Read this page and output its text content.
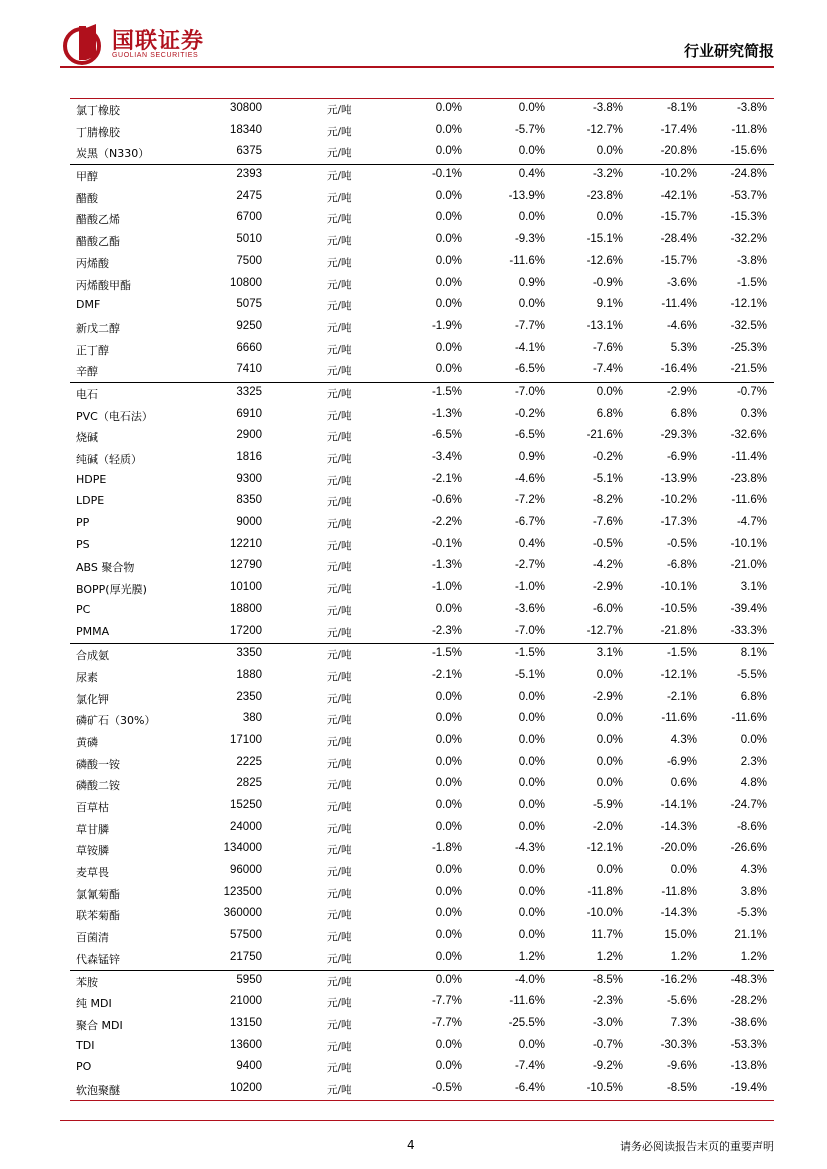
国联证券
GUOLIAN SECURITIES	行业研究简报
氯丁橡胶	30800	元/吨	0.0%	0.0%	-3.8%	-8.1%	-3.8%
丁腈橡胶	18340	元/吨	0.0%	-5.7%	-12.7%	-17.4%	-11.8%
炭黑（N330）	6375	元/吨	0.0%	0.0%	0.0%	-20.8%	-15.6%
甲醇	2393	元/吨	-0.1%	0.4%	-3.2%	-10.2%	-24.8%
醋酸	2475	元/吨	0.0%	-13.9%	-23.8%	-42.1%	-53.7%
醋酸乙烯	6700	元/吨	0.0%	0.0%	0.0%	-15.7%	-15.3%
醋酸乙酯	5010	元/吨	0.0%	-9.3%	-15.1%	-28.4%	-32.2%
丙烯酸	7500	元/吨	0.0%	-11.6%	-12.6%	-15.7%	-3.8%
丙烯酸甲酯	10800	元/吨	0.0%	0.9%	-0.9%	-3.6%	-1.5%
DMF	5075	元/吨	0.0%	0.0%	9.1%	-11.4%	-12.1%
新戊二醇	9250	元/吨	-1.9%	-7.7%	-13.1%	-4.6%	-32.5%
正丁醇	6660	元/吨	0.0%	-4.1%	-7.6%	5.3%	-25.3%
辛醇	7410	元/吨	0.0%	-6.5%	-7.4%	-16.4%	-21.5%
电石	3325	元/吨	-1.5%	-7.0%	0.0%	-2.9%	-0.7%
PVC（电石法）	6910	元/吨	-1.3%	-0.2%	6.8%	6.8%	0.3%
烧碱	2900	元/吨	-6.5%	-6.5%	-21.6%	-29.3%	-32.6%
纯碱（轻质）	1816	元/吨	-3.4%	0.9%	-0.2%	-6.9%	-11.4%
HDPE	9300	元/吨	-2.1%	-4.6%	-5.1%	-13.9%	-23.8%
LDPE	8350	元/吨	-0.6%	-7.2%	-8.2%	-10.2%	-11.6%
PP	9000	元/吨	-2.2%	-6.7%	-7.6%	-17.3%	-4.7%
PS	12210	元/吨	-0.1%	0.4%	-0.5%	-0.5%	-10.1%
ABS 聚合物	12790	元/吨	-1.3%	-2.7%	-4.2%	-6.8%	-21.0%
BOPP(厚光膜)	10100	元/吨	-1.0%	-1.0%	-2.9%	-10.1%	3.1%
PC	18800	元/吨	0.0%	-3.6%	-6.0%	-10.5%	-39.4%
PMMA	17200	元/吨	-2.3%	-7.0%	-12.7%	-21.8%	-33.3%
合成氨	3350	元/吨	-1.5%	-1.5%	3.1%	-1.5%	8.1%
尿素	1880	元/吨	-2.1%	-5.1%	0.0%	-12.1%	-5.5%
氯化钾	2350	元/吨	0.0%	0.0%	-2.9%	-2.1%	6.8%
磷矿石（30%）	380	元/吨	0.0%	0.0%	0.0%	-11.6%	-11.6%
黄磷	17100	元/吨	0.0%	0.0%	0.0%	4.3%	0.0%
磷酸一铵	2225	元/吨	0.0%	0.0%	0.0%	-6.9%	2.3%
磷酸二铵	2825	元/吨	0.0%	0.0%	0.0%	0.6%	4.8%
百草枯	15250	元/吨	0.0%	0.0%	-5.9%	-14.1%	-24.7%
草甘膦	24000	元/吨	0.0%	0.0%	-2.0%	-14.3%	-8.6%
草铵膦	134000	元/吨	-1.8%	-4.3%	-12.1%	-20.0%	-26.6%
麦草畏	96000	元/吨	0.0%	0.0%	0.0%	0.0%	4.3%
氯氰菊酯	123500	元/吨	0.0%	0.0%	-11.8%	-11.8%	3.8%
联苯菊酯	360000	元/吨	0.0%	0.0%	-10.0%	-14.3%	-5.3%
百菌清	57500	元/吨	0.0%	0.0%	11.7%	15.0%	21.1%
代森锰锌	21750	元/吨	0.0%	1.2%	1.2%	1.2%	1.2%
苯胺	5950	元/吨	0.0%	-4.0%	-8.5%	-16.2%	-48.3%
纯 MDI	21000	元/吨	-7.7%	-11.6%	-2.3%	-5.6%	-28.2%
聚合 MDI	13150	元/吨	-7.7%	-25.5%	-3.0%	7.3%	-38.6%
TDI	13600	元/吨	0.0%	0.0%	-0.7%	-30.3%	-53.3%
PO	9400	元/吨	0.0%	-7.4%	-9.2%	-9.6%	-13.8%
软泡聚醚	10200	元/吨	-0.5%	-6.4%	-10.5%	-8.5%	-19.4%
4	请务必阅读报告末页的重要声明
